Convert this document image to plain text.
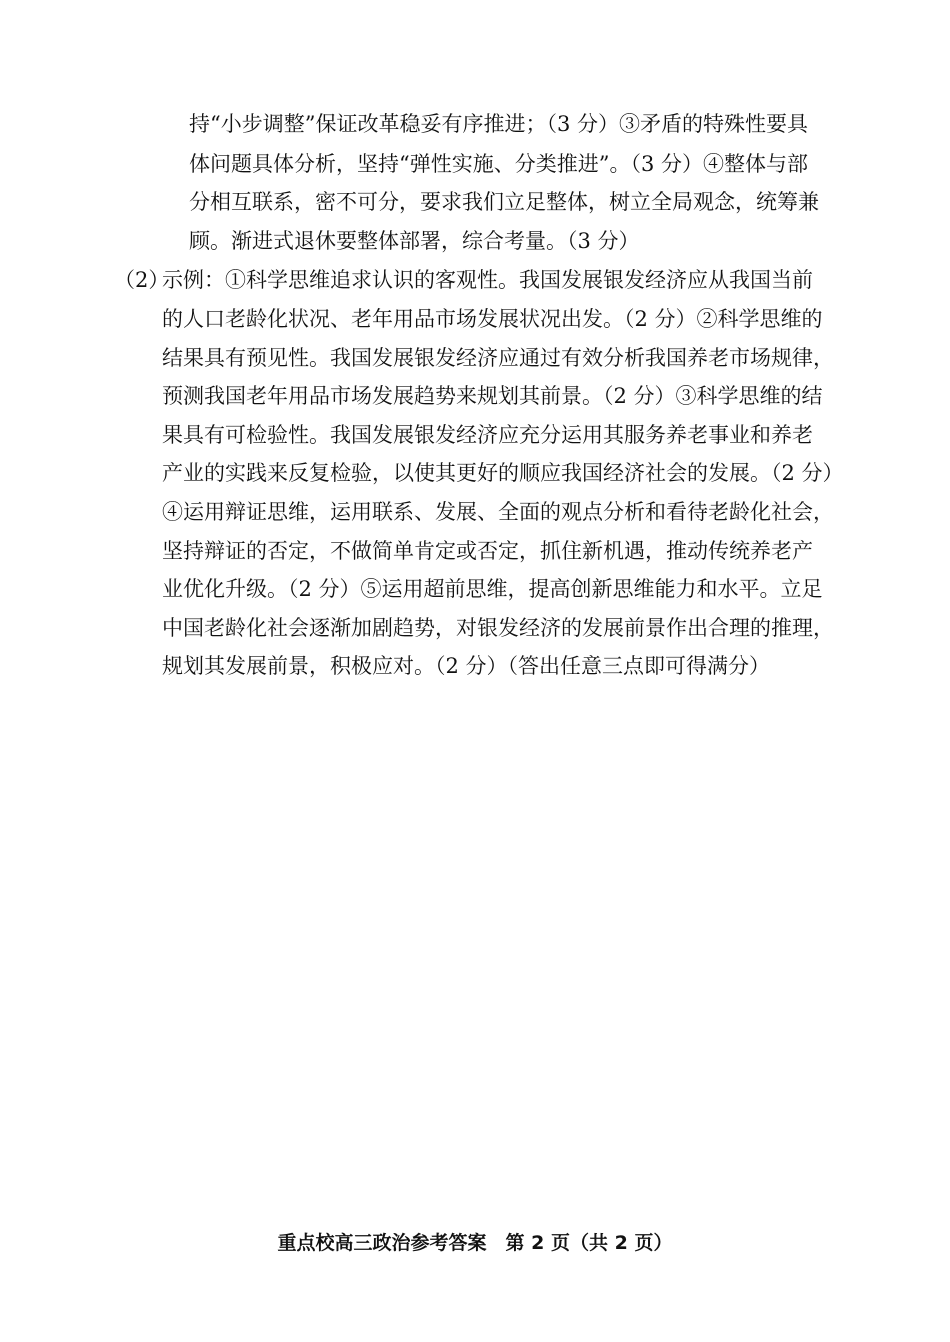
持“小步调整”保证改革稳妥有序推进；（3 分）③矛盾的特殊性要具
体问题具体分析，坚持“弹性实施、分类推进”。（3 分）④整体与部
分相互联系，密不可分，要求我们立足整体，树立全局观念，统筹兼
顾。渐进式退休要整体部署，综合考量。（3 分）
（2）
示例：①科学思维追求认识的客观性。我国发展银发经济应从我国当前
的人口老龄化状况、老年用品市场发展状况出发。（2 分）②科学思维的
结果具有预见性。我国发展银发经济应通过有效分析我国养老市场规律，
预测我国老年用品市场发展趋势来规划其前景。（2 分）③科学思维的结
果具有可检验性。我国发展银发经济应充分运用其服务养老事业和养老
产业的实践来反复检验，以使其更好的顺应我国经济社会的发展。（2 分）
④运用辩证思维，运用联系、发展、全面的观点分析和看待老龄化社会，
坚持辩证的否定，不做简单肯定或否定，抓住新机遇，推动传统养老产
业优化升级。（2 分）⑤运用超前思维，提高创新思维能力和水平。立足
中国老龄化社会逐渐加剧趋势，对银发经济的发展前景作出合理的推理，
规划其发展前景，积极应对。（2 分）（答出任意三点即可得满分）
重点校高三政治参考答案　第 2 页（共 2 页）
